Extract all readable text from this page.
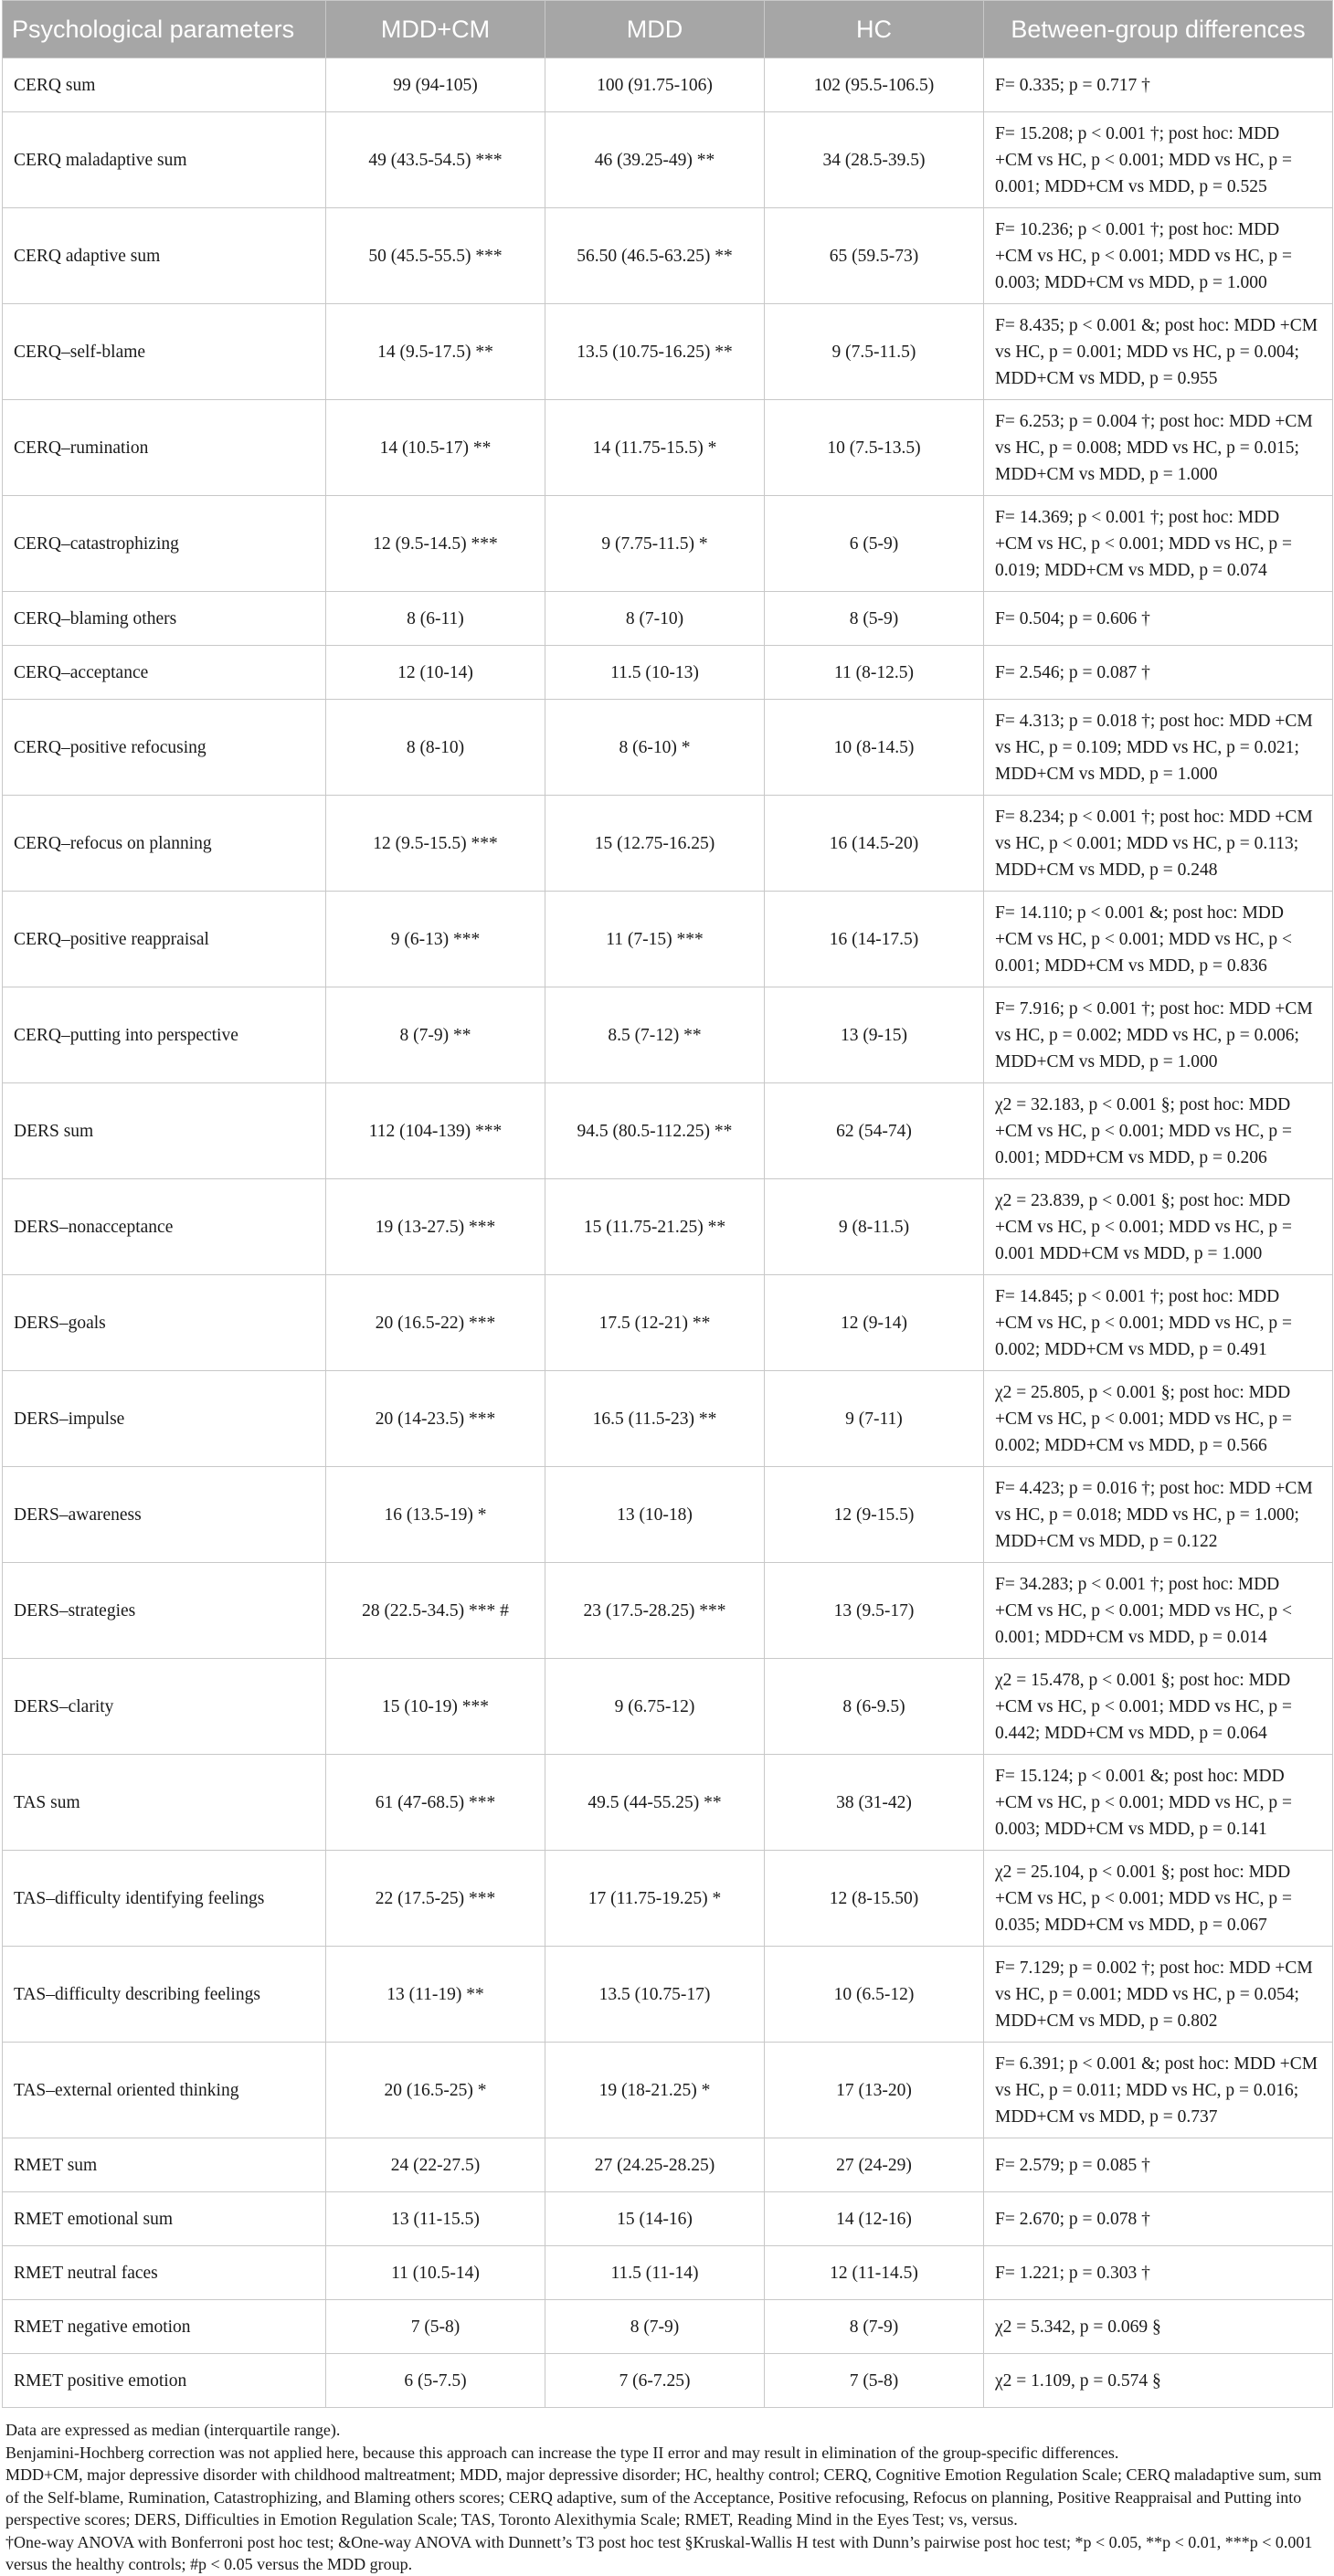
Psychological parameters	MDD+CM	MDD	HC	Between-group differences
CERQ sum	99 (94-105)	100 (91.75-106)	102 (95.5-106.5)	F= 0.335; p = 0.717 †
CERQ maladaptive sum	49 (43.5-54.5) ***	46 (39.25-49) **	34 (28.5-39.5)	F= 15.208; p < 0.001 †; post hoc: MDD +CM vs HC, p < 0.001; MDD vs HC, p = 0.001; MDD+CM vs MDD, p = 0.525
CERQ adaptive sum	50 (45.5-55.5) ***	56.50 (46.5-63.25) **	65 (59.5-73)	F= 10.236; p < 0.001 †; post hoc: MDD +CM vs HC, p < 0.001; MDD vs HC, p = 0.003; MDD+CM vs MDD, p = 1.000
CERQ–self-blame	14 (9.5-17.5) **	13.5 (10.75-16.25) **	9 (7.5-11.5)	F= 8.435; p < 0.001 &; post hoc: MDD +CM vs HC, p = 0.001; MDD vs HC, p = 0.004; MDD+CM vs MDD, p = 0.955
CERQ–rumination	14 (10.5-17) **	14 (11.75-15.5) *	10 (7.5-13.5)	F= 6.253; p = 0.004 †; post hoc: MDD +CM vs HC, p = 0.008; MDD vs HC, p = 0.015; MDD+CM vs MDD, p = 1.000
CERQ–catastrophizing	12 (9.5-14.5) ***	9 (7.75-11.5) *	6 (5-9)	F= 14.369; p < 0.001 †; post hoc: MDD +CM vs HC, p < 0.001; MDD vs HC, p = 0.019; MDD+CM vs MDD, p = 0.074
CERQ–blaming others	8 (6-11)	8 (7-10)	8 (5-9)	F= 0.504; p = 0.606 †
CERQ–acceptance	12 (10-14)	11.5 (10-13)	11 (8-12.5)	F= 2.546; p = 0.087 †
CERQ–positive refocusing	8 (8-10)	8 (6-10) *	10 (8-14.5)	F= 4.313; p = 0.018 †; post hoc: MDD +CM vs HC, p = 0.109; MDD vs HC, p = 0.021; MDD+CM vs MDD, p = 1.000
CERQ–refocus on planning	12 (9.5-15.5) ***	15 (12.75-16.25)	16 (14.5-20)	F= 8.234; p < 0.001 †; post hoc: MDD +CM vs HC, p < 0.001; MDD vs HC, p = 0.113; MDD+CM vs MDD, p = 0.248
CERQ–positive reappraisal	9 (6-13) ***	11 (7-15) ***	16 (14-17.5)	F= 14.110; p < 0.001 &; post hoc: MDD +CM vs HC, p < 0.001; MDD vs HC, p < 0.001; MDD+CM vs MDD, p = 0.836
CERQ–putting into perspective	8 (7-9) **	8.5 (7-12) **	13 (9-15)	F= 7.916; p < 0.001 †; post hoc: MDD +CM vs HC, p = 0.002; MDD vs HC, p = 0.006; MDD+CM vs MDD, p = 1.000
DERS sum	112 (104-139) ***	94.5 (80.5-112.25) **	62 (54-74)	χ2 = 32.183, p < 0.001 §; post hoc: MDD +CM vs HC, p < 0.001; MDD vs HC, p = 0.001; MDD+CM vs MDD, p = 0.206
DERS–nonacceptance	19 (13-27.5) ***	15 (11.75-21.25) **	9 (8-11.5)	χ2 = 23.839, p < 0.001 §; post hoc: MDD +CM vs HC, p < 0.001; MDD vs HC, p = 0.001 MDD+CM vs MDD, p = 1.000
DERS–goals	20 (16.5-22) ***	17.5 (12-21) **	12 (9-14)	F= 14.845; p < 0.001 †; post hoc: MDD +CM vs HC, p < 0.001; MDD vs HC, p = 0.002; MDD+CM vs MDD, p = 0.491
DERS–impulse	20 (14-23.5) ***	16.5 (11.5-23) **	9 (7-11)	χ2 = 25.805, p < 0.001 §; post hoc: MDD +CM vs HC, p < 0.001; MDD vs HC, p = 0.002; MDD+CM vs MDD, p = 0.566
DERS–awareness	16 (13.5-19) *	13 (10-18)	12 (9-15.5)	F= 4.423; p = 0.016 †; post hoc: MDD +CM vs HC, p = 0.018; MDD vs HC, p = 1.000; MDD+CM vs MDD, p = 0.122
DERS–strategies	28 (22.5-34.5) *** #	23 (17.5-28.25) ***	13 (9.5-17)	F= 34.283; p < 0.001 †; post hoc: MDD +CM vs HC, p < 0.001; MDD vs HC, p < 0.001; MDD+CM vs MDD, p = 0.014
DERS–clarity	15 (10-19) ***	9 (6.75-12)	8 (6-9.5)	χ2 = 15.478, p < 0.001 §; post hoc: MDD +CM vs HC, p < 0.001; MDD vs HC, p = 0.442; MDD+CM vs MDD, p = 0.064
TAS sum	61 (47-68.5) ***	49.5 (44-55.25) **	38 (31-42)	F= 15.124; p < 0.001 &; post hoc: MDD +CM vs HC, p < 0.001; MDD vs HC, p = 0.003; MDD+CM vs MDD, p = 0.141
TAS–difficulty identifying feelings	22 (17.5-25) ***	17 (11.75-19.25) *	12 (8-15.50)	χ2 = 25.104, p < 0.001 §; post hoc: MDD +CM vs HC, p < 0.001; MDD vs HC, p = 0.035; MDD+CM vs MDD, p = 0.067
TAS–difficulty describing feelings	13 (11-19) **	13.5 (10.75-17)	10 (6.5-12)	F= 7.129; p = 0.002 †; post hoc: MDD +CM vs HC, p = 0.001; MDD vs HC, p = 0.054; MDD+CM vs MDD, p = 0.802
TAS–external oriented thinking	20 (16.5-25) *	19 (18-21.25) *	17 (13-20)	F= 6.391; p < 0.001 &; post hoc: MDD +CM vs HC, p = 0.011; MDD vs HC, p = 0.016; MDD+CM vs MDD, p = 0.737
RMET sum	24 (22-27.5)	27 (24.25-28.25)	27 (24-29)	F= 2.579; p = 0.085 †
RMET emotional sum	13 (11-15.5)	15 (14-16)	14 (12-16)	F= 2.670; p = 0.078 †
RMET neutral faces	11 (10.5-14)	11.5 (11-14)	12 (11-14.5)	F= 1.221; p = 0.303 †
RMET negative emotion	7 (5-8)	8 (7-9)	8 (7-9)	χ2 = 5.342, p = 0.069 §
RMET positive emotion	6 (5-7.5)	7 (6-7.25)	7 (5-8)	χ2 = 1.109, p = 0.574 §

Data are expressed as median (interquartile range).

Benjamini-Hochberg correction was not applied here, because this approach can increase the type II error and may result in elimination of the group-specific differences.

MDD+CM, major depressive disorder with childhood maltreatment; MDD, major depressive disorder; HC, healthy control; CERQ, Cognitive Emotion Regulation Scale; CERQ maladaptive sum, sum of the Self-blame, Rumination, Catastrophizing, and Blaming others scores; CERQ adaptive, sum of the Acceptance, Positive refocusing, Refocus on planning, Positive Reappraisal and Putting into perspective scores; DERS, Difficulties in Emotion Regulation Scale; TAS, Toronto Alexithymia Scale; RMET, Reading Mind in the Eyes Test; vs, versus.

†One-way ANOVA with Bonferroni post hoc test; &One-way ANOVA with Dunnett’s T3 post hoc test §Kruskal-Wallis H test with Dunn’s pairwise post hoc test; *p < 0.05, **p < 0.01, ***p < 0.001 versus the healthy controls; #p < 0.05 versus the MDD group.
